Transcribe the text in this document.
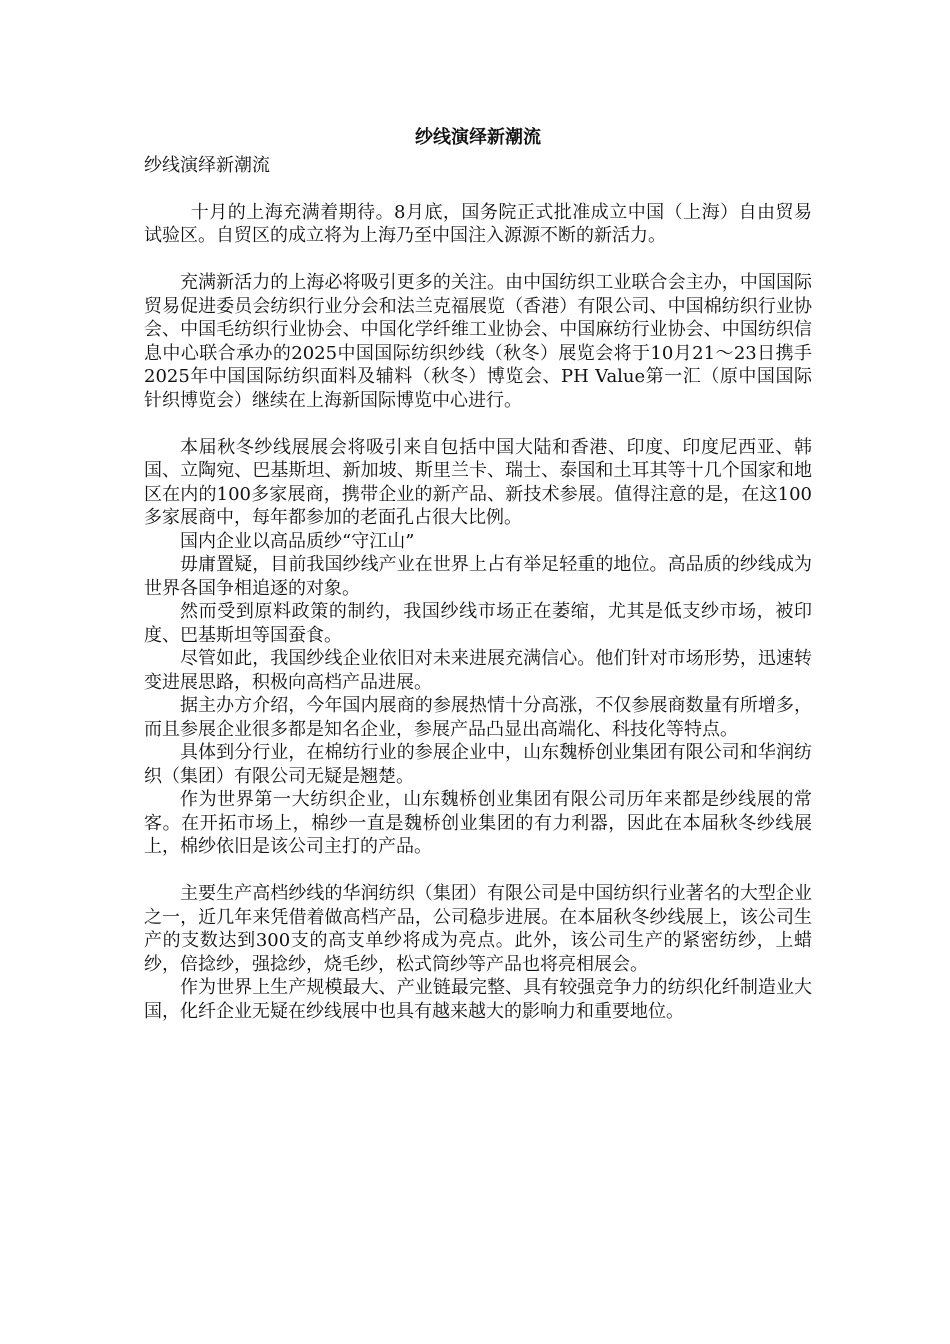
纱线演绎新潮流

纱线演绎新潮流

十月的上海充满着期待。8月底，国务院正式批准成立中国（上海）自由贸易试验区。自贸区的成立将为上海乃至中国注入源源不断的新活力。

充满新活力的上海必将吸引更多的关注。由中国纺织工业联合会主办，中国国际贸易促进委员会纺织行业分会和法兰克福展览（香港）有限公司、中国棉纺织行业协会、中国毛纺织行业协会、中国化学纤维工业协会、中国麻纺行业协会、中国纺织信息中心联合承办的2025中国国际纺织纱线（秋冬）展览会将于10月21～23日携手2025年中国国际纺织面料及辅料（秋冬）博览会、PH Value第一汇（原中国国际针织博览会）继续在上海新国际博览中心进行。

本届秋冬纱线展展会将吸引来自包括中国大陆和香港、印度、印度尼西亚、韩国、立陶宛、巴基斯坦、新加坡、斯里兰卡、瑞士、泰国和土耳其等十几个国家和地区在内的100多家展商，携带企业的新产品、新技术参展。值得注意的是，在这100多家展商中，每年都参加的老面孔占很大比例。

国内企业以高品质纱“守江山”

毋庸置疑，目前我国纱线产业在世界上占有举足轻重的地位。高品质的纱线成为世界各国争相追逐的对象。

然而受到原料政策的制约，我国纱线市场正在萎缩，尤其是低支纱市场，被印度、巴基斯坦等国蚕食。

尽管如此，我国纱线企业依旧对未来进展充满信心。他们针对市场形势，迅速转变进展思路，积极向高档产品进展。

据主办方介绍，今年国内展商的参展热情十分高涨，不仅参展商数量有所增多，而且参展企业很多都是知名企业，参展产品凸显出高端化、科技化等特点。

具体到分行业，在棉纺行业的参展企业中，山东魏桥创业集团有限公司和华润纺织（集团）有限公司无疑是翘楚。

作为世界第一大纺织企业，山东魏桥创业集团有限公司历年来都是纱线展的常客。在开拓市场上，棉纱一直是魏桥创业集团的有力利器，因此在本届秋冬纱线展上，棉纱依旧是该公司主打的产品。

主要生产高档纱线的华润纺织（集团）有限公司是中国纺织行业著名的大型企业之一，近几年来凭借着做高档产品，公司稳步进展。在本届秋冬纱线展上，该公司生产的支数达到300支的高支单纱将成为亮点。此外，该公司生产的紧密纺纱，上蜡纱，倍捻纱，强捻纱，烧毛纱，松式筒纱等产品也将亮相展会。

作为世界上生产规模最大、产业链最完整、具有较强竞争力的纺织化纤制造业大国，化纤企业无疑在纱线展中也具有越来越大的影响力和重要地位。
